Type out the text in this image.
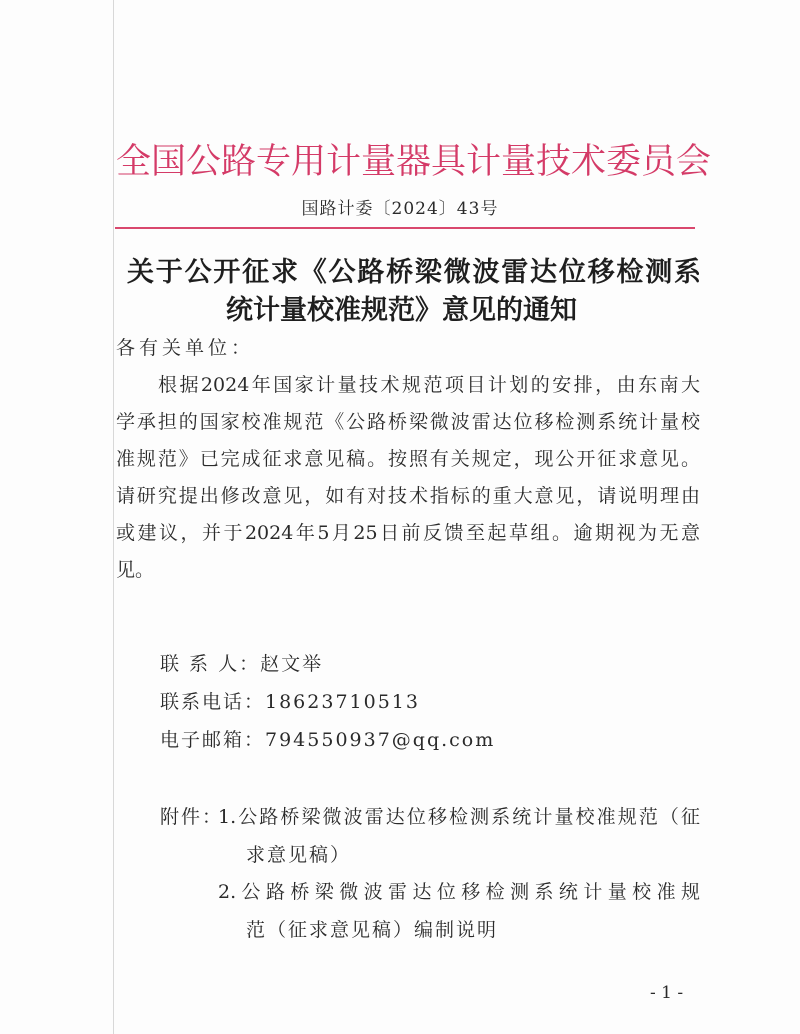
全国公路专用计量器具计量技术委员会
国路计委〔2024〕43号
关于公开征求《公路桥梁微波雷达位移检测系
统计量校准规范》意见的通知
各有关单位：
根据2024年国家计量技术规范项目计划的安排，由东南大
学承担的国家校准规范《公路桥梁微波雷达位移检测系统计量校
准规范》已完成征求意见稿。按照有关规定，现公开征求意见。
请研究提出修改意见，如有对技术指标的重大意见，请说明理由
或建议，并于2024年5月25日前反馈至起草组。逾期视为无意
见。
联 系 人：赵文举
联系电话：18623710513
电子邮箱：794550937@qq.com
附件：
1.公路桥梁微波雷达位移检测系统计量校准规范（征
求意见稿）
2.公路桥梁微波雷达位移检测系统计量校准规
范（征求意见稿）编制说明
- 1 -
